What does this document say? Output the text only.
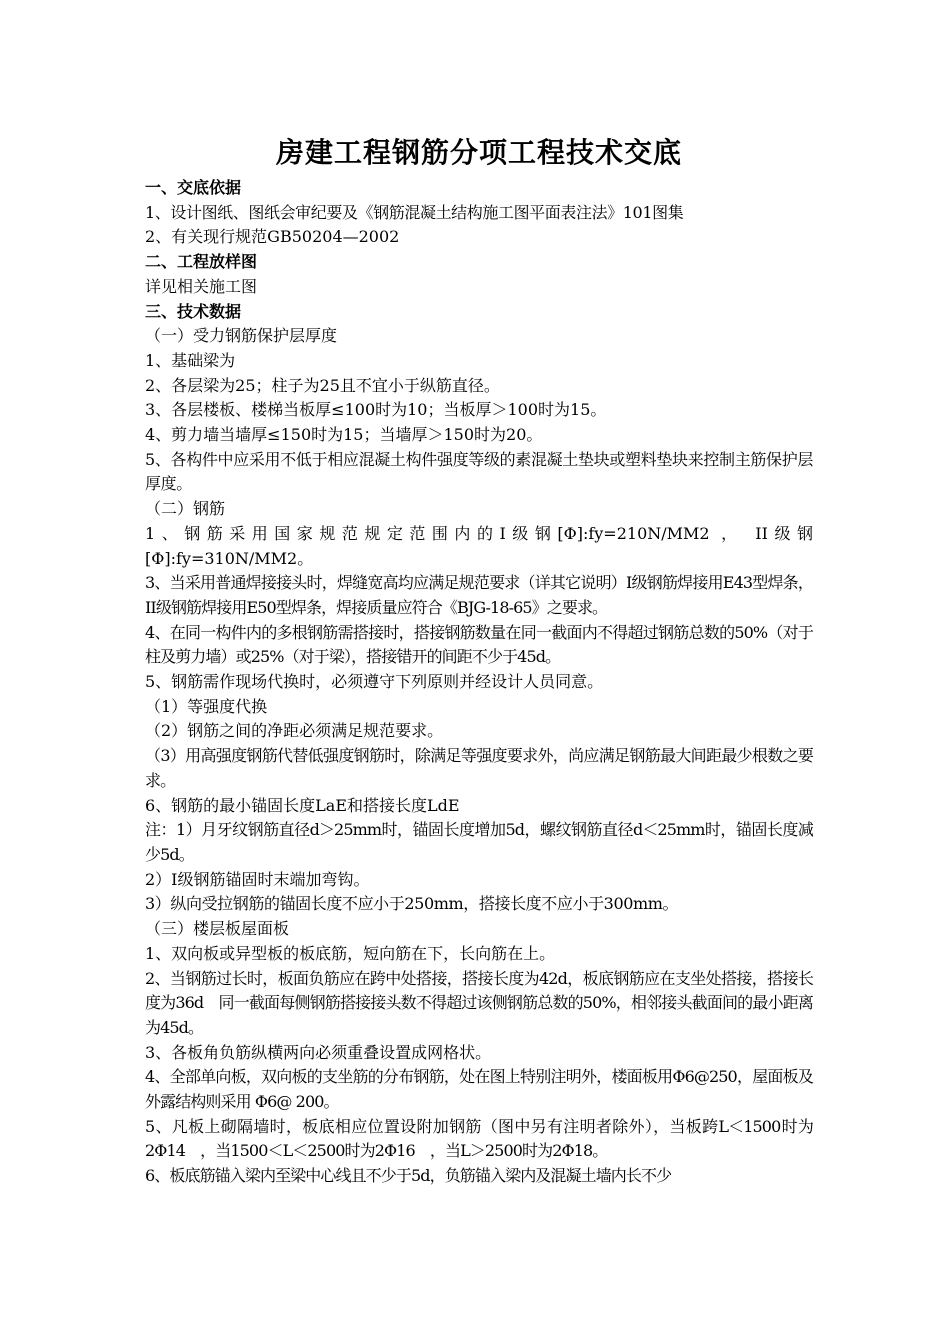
房建工程钢筋分项工程技术交底
一、交底依据
1、设计图纸、图纸会审纪要及《钢筋混凝土结构施工图平面表注法》101图集
2、有关现行规范GB50204—2002
二、工程放样图
详见相关施工图
三、技术数据
（一）受力钢筋保护层厚度
1、基础梁为
2、各层梁为25；柱子为25且不宜小于纵筋直径。
3、各层楼板、楼梯当板厚≤100时为10；当板厚＞100时为15。
4、剪力墙当墙厚≤150时为15；当墙厚＞150时为20。
5、各构件中应采用不低于相应混凝土构件强度等级的素混凝土垫块或塑料垫块来控制主筋保护层厚度。
（二）钢筋
1、钢筋采用国家规范规定范围内的I级钢[Φ]:fy=210N/MM2 ， II级钢[Φ]:fy=310N/MM2。
3、当采用普通焊接接头时，焊缝宽高均应满足规范要求（详其它说明）I级钢筋焊接用E43型焊条，II级钢筋焊接用E50型焊条，焊接质量应符合《BJG-18-65》之要求。
4、在同一构件内的多根钢筋需搭接时，搭接钢筋数量在同一截面内不得超过钢筋总数的50%（对于柱及剪力墙）或25%（对于梁），搭接错开的间距不少于45d。
5、钢筋需作现场代换时，必须遵守下列原则并经设计人员同意。
（1）等强度代换
（2）钢筋之间的净距必须满足规范要求。
（3）用高强度钢筋代替低强度钢筋时，除满足等强度要求外，尚应满足钢筋最大间距最少根数之要求。
6、钢筋的最小锚固长度LaE和搭接长度LdE
注：1）月牙纹钢筋直径d＞25mm时，锚固长度增加5d，螺纹钢筋直径d＜25mm时，锚固长度减少5d。
2）I级钢筋锚固时末端加弯钩。
3）纵向受拉钢筋的锚固长度不应小于250mm，搭接长度不应小于300mm。
（三）楼层板屋面板
1、双向板或异型板的板底筋，短向筋在下，长向筋在上。
2、当钢筋过长时，板面负筋应在跨中处搭接，搭接长度为42d，板底钢筋应在支坐处搭接，搭接长度为36d　同一截面每侧钢筋搭接接头数不得超过该侧钢筋总数的50%，相邻接头截面间的最小距离为45d。
3、各板角负筋纵横两向必须重叠设置成网格状。
4、全部单向板，双向板的支坐筋的分布钢筋，处在图上特别注明外，楼面板用Φ6@250，屋面板及外露结构则采用 Φ6@ 200。
5、凡板上砌隔墙时，板底相应位置设附加钢筋（图中另有注明者除外），当板跨L＜1500时为2Φ14　，当1500＜L＜2500时为2Φ16　，当L＞2500时为2Φ18。
6、板底筋锚入梁内至梁中心线且不少于5d，负筋锚入梁内及混凝土墙内长不少
